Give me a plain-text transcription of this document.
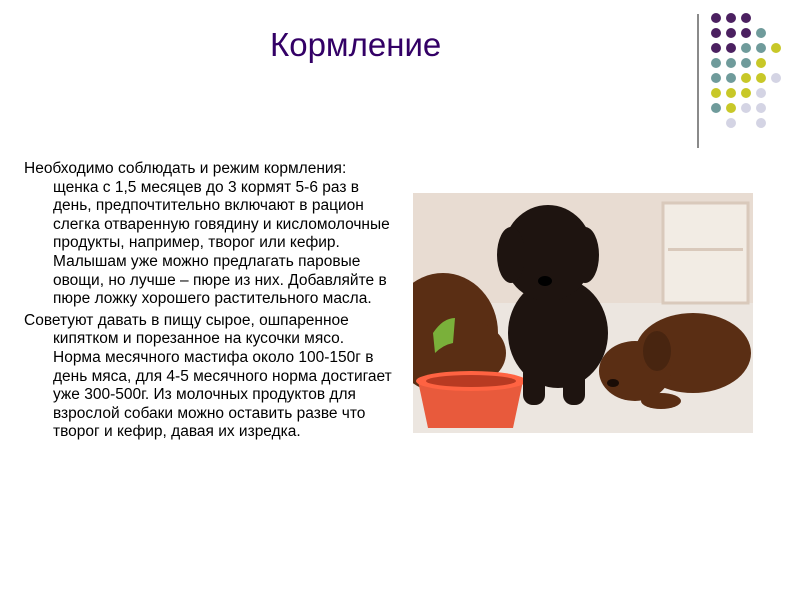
Кормление

Необходимо соблюдать и режим кормления: щенка с 1,5 месяцев до 3 кормят 5-6 раз в день, предпочтительно включают в рацион слегка отваренную говядину и кисломолочные продукты, например, творог или кефир. Малышам уже можно предлагать паровые овощи, но лучше – пюре из них. Добавляйте в пюре ложку хорошего растительного масла.

Советуют давать в пищу сырое, ошпаренное кипятком и порезанное на кусочки мясо. Норма месячного мастифа около 100-150г в день мяса, для 4-5 месячного норма достигает уже 300-500г. Из молочных продуктов для взрослой собаки можно оставить разве что творог и кефир, давая их изредка.
